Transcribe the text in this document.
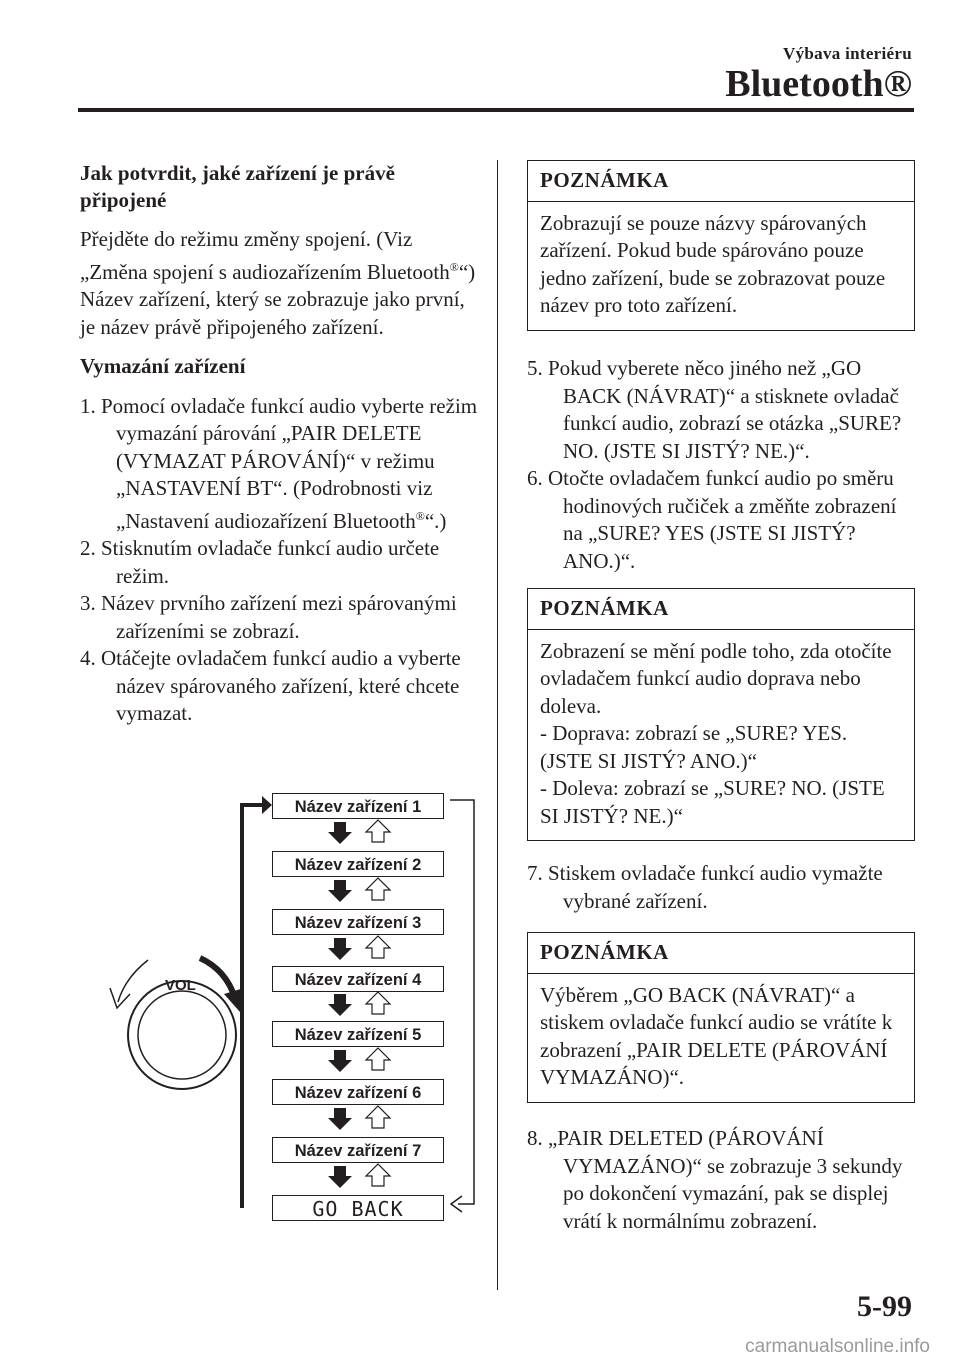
Výbava interiéru
Bluetooth®
Jak potvrdit, jaké zařízení je právě připojené

Přejděte do režimu změny spojení. (Viz „Změna spojení s audiozařízením Bluetooth®“)
Název zařízení, který se zobrazuje jako první, je název právě připojeného zařízení.

Vymazání zařízení
1. Pomocí ovladače funkcí audio vyberte režim vymazání párování „PAIR DELETE (VYMAZAT PÁROVÁNÍ)“ v režimu „NASTAVENÍ BT“. (Podrobnosti viz „Nastavení audiozařízení Bluetooth®“.)
2. Stisknutím ovladače funkcí audio určete režim.
3. Název prvního zařízení mezi spárovanými zařízeními se zobrazí.
4. Otáčejte ovladačem funkcí audio a vyberte název spárovaného zařízení, které chcete vymazat.
VOL
Název zařízení 1
Název zařízení 2
Název zařízení 3
Název zařízení 4
Název zařízení 5
Název zařízení 6
Název zařízení 7
GO BACK
POZNÁMKA
Zobrazují se pouze názvy spárovaných zařízení. Pokud bude spárováno pouze jedno zařízení, bude se zobrazovat pouze název pro toto zařízení.
5. Pokud vyberete něco jiného než „GO BACK (NÁVRAT)“ a stisknete ovladač funkcí audio, zobrazí se otázka „SURE? NO. (JSTE SI JISTÝ? NE.)“.
6. Otočte ovladačem funkcí audio po směru hodinových ručiček a změňte zobrazení na „SURE? YES (JSTE SI JISTÝ? ANO.)“.
POZNÁMKA
Zobrazení se mění podle toho, zda otočíte ovladačem funkcí audio doprava nebo doleva.
- Doprava: zobrazí se „SURE? YES. (JSTE SI JISTÝ? ANO.)“
- Doleva: zobrazí se „SURE? NO. (JSTE SI JISTÝ? NE.)“
7. Stiskem ovladače funkcí audio vymažte vybrané zařízení.
POZNÁMKA
Výběrem „GO BACK (NÁVRAT)“ a stiskem ovladače funkcí audio se vrátíte k zobrazení „PAIR DELETE (PÁROVÁNÍ VYMAZÁNO)“.
8. „PAIR DELETED (PÁROVÁNÍ VYMAZÁNO)“ se zobrazuje 3 sekundy po dokončení vymazání, pak se displej vrátí k normálnímu zobrazení.
5-99
carmanualsonline.info
